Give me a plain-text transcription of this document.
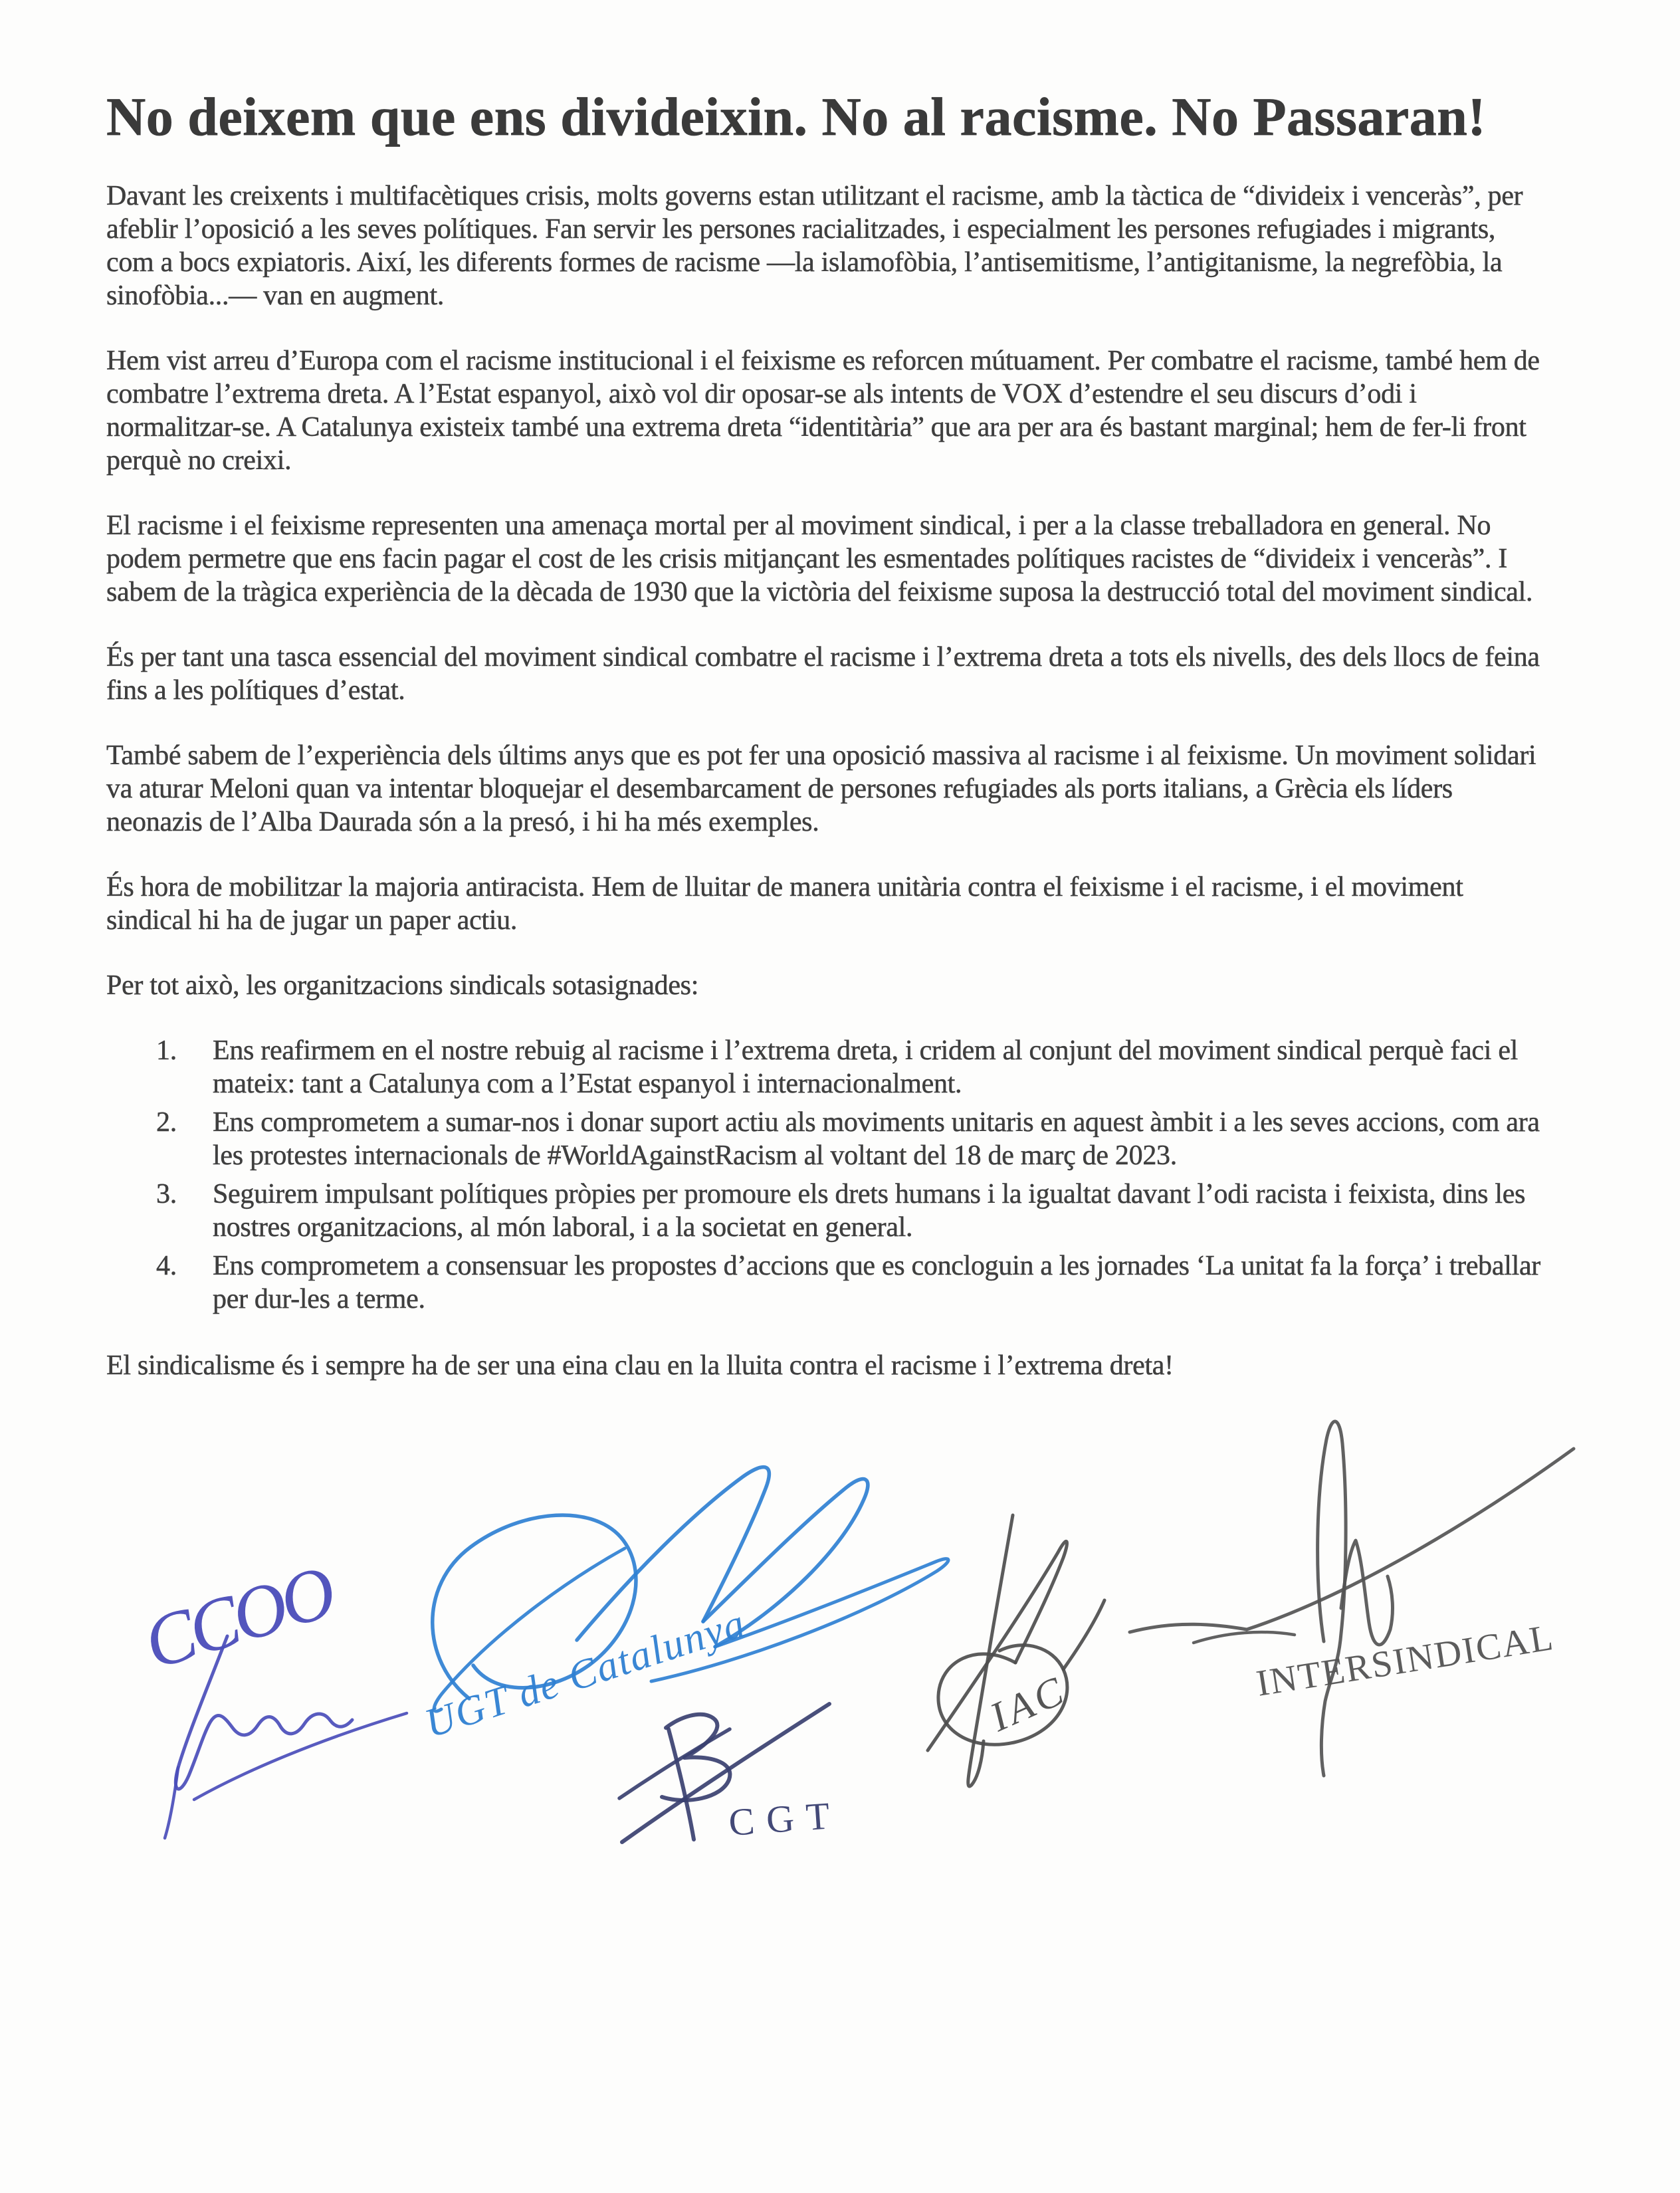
No deixem que ens divideixin. No al racisme. No Passaran!

Davant les creixents i multifacètiques crisis, molts governs estan utilitzant el racisme, amb la tàctica de “divideix i venceràs”, per afeblir l’oposició a les seves polítiques. Fan servir les persones racialitzades, i especialment les persones refugiades i migrants, com a bocs expiatoris. Així, les diferents formes de racisme —la islamofòbia, l’antisemitisme, l’antigitanisme, la negrefòbia, la sinofòbia...— van en augment.

Hem vist arreu d’Europa com el racisme institucional i el feixisme es reforcen mútuament. Per combatre el racisme, també hem de combatre l’extrema dreta. A l’Estat espanyol, això vol dir oposar-se als intents de VOX d’estendre el seu discurs d’odi i normalitzar-se. A Catalunya existeix també una extrema dreta “identitària” que ara per ara és bastant marginal; hem de fer-li front perquè no creixi.

El racisme i el feixisme representen una amenaça mortal per al moviment sindical, i per a la classe treballadora en general. No podem permetre que ens facin pagar el cost de les crisis mitjançant les esmentades polítiques racistes de “divideix i venceràs”. I sabem de la tràgica experiència de la dècada de 1930 que la victòria del feixisme suposa la destrucció total del moviment sindical.

És per tant una tasca essencial del moviment sindical combatre el racisme i l’extrema dreta a tots els nivells, des dels llocs de feina fins a les polítiques d’estat.

També sabem de l’experiència dels últims anys que es pot fer una oposició massiva al racisme i al feixisme. Un moviment solidari va aturar Meloni quan va intentar bloquejar el desembarcament de persones refugiades als ports italians, a Grècia els líders neonazis de l’Alba Daurada són a la presó, i hi ha més exemples.

És hora de mobilitzar la majoria antiracista. Hem de lluitar de manera unitària contra el feixisme i el racisme, i el moviment sindical hi ha de jugar un paper actiu.

Per tot això, les organitzacions sindicals sotasignades:

1.	Ens reafirmem en el nostre rebuig al racisme i l’extrema dreta, i cridem al conjunt del moviment sindical perquè faci el mateix: tant a Catalunya com a l’Estat espanyol i internacionalment.
2.	Ens comprometem a sumar-nos i donar suport actiu als moviments unitaris en aquest àmbit i a les seves accions, com ara les protestes internacionals de #WorldAgainstRacism al voltant del 18 de març de 2023.
3.	Seguirem impulsant polítiques pròpies per promoure els drets humans i la igualtat davant l’odi racista i feixista, dins les nostres organitzacions, al món laboral, i a la societat en general.
4.	Ens comprometem a consensuar les propostes d’accions que es concloguin a les jornades ‘La unitat fa la força’ i treballar per dur-les a terme.

El sindicalisme és i sempre ha de ser una eina clau en la lluita contra el racisme i l’extrema dreta!

CCOO UGT de Catalunya
CGT
IAC	INTERSINDICAL
